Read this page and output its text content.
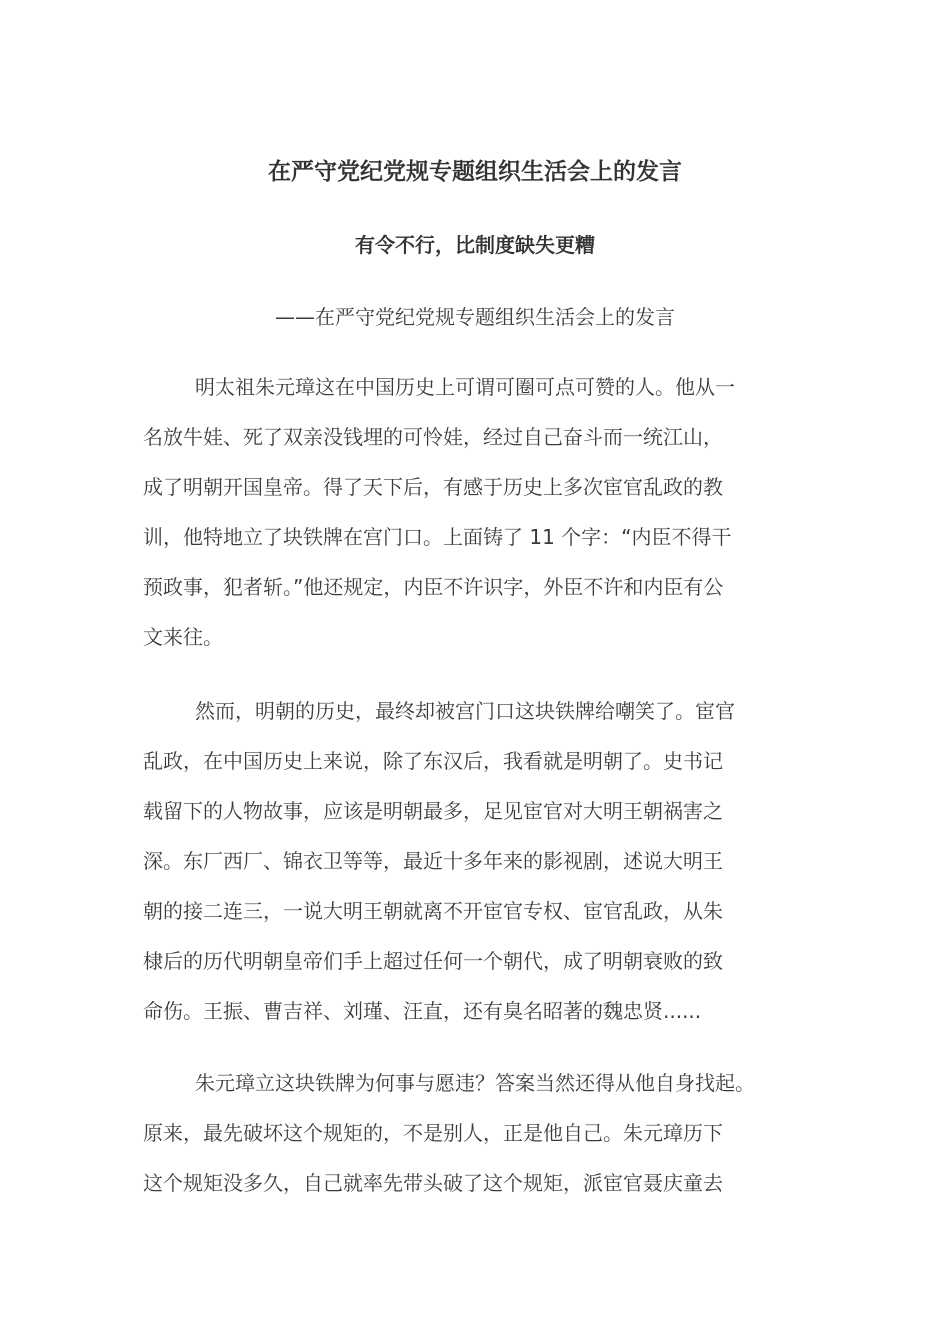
在严守党纪党规专题组织生活会上的发言
有令不行，比制度缺失更糟

——在严守党纪党规专题组织生活会上的发言

明太祖朱元璋这在中国历史上可谓可圈可点可赞的人。他从一
名放牛娃、死了双亲没钱埋的可怜娃，经过自己奋斗而一统江山，
成了明朝开国皇帝。得了天下后，有感于历史上多次宦官乱政的教
训，他特地立了块铁牌在宫门口。上面铸了 11 个字：“内臣不得干
预政事，犯者斩。”他还规定，内臣不许识字，外臣不许和内臣有公
文来往。
然而，明朝的历史，最终却被宫门口这块铁牌给嘲笑了。宦官
乱政，在中国历史上来说，除了东汉后，我看就是明朝了。史书记
载留下的人物故事，应该是明朝最多，足见宦官对大明王朝祸害之
深。东厂西厂、锦衣卫等等，最近十多年来的影视剧，述说大明王
朝的接二连三，一说大明王朝就离不开宦官专权、宦官乱政，从朱
棣后的历代明朝皇帝们手上超过任何一个朝代，成了明朝衰败的致
命伤。王振、曹吉祥、刘瑾、汪直，还有臭名昭著的魏忠贤......
朱元璋立这块铁牌为何事与愿违？答案当然还得从他自身找起。
原来，最先破坏这个规矩的，不是别人，正是他自己。朱元璋历下
这个规矩没多久，自己就率先带头破了这个规矩，派宦官聂庆童去
